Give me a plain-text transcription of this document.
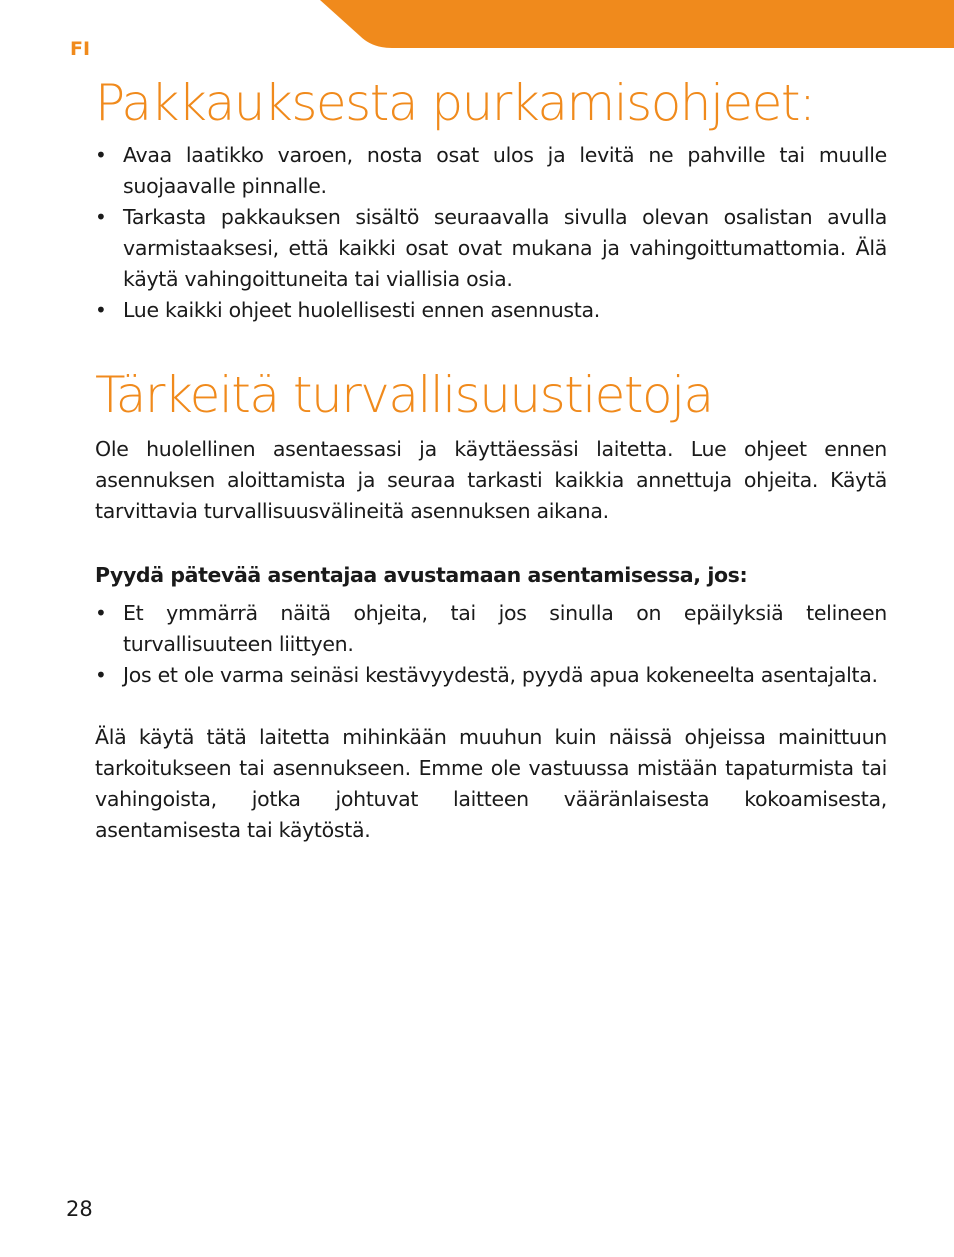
FI
Pakkauksesta purkamisohjeet:
• Avaa laatikko varoen, nosta osat ulos ja levitä ne pahville tai muulle suojaavalle pinnalle.
• Tarkasta pakkauksen sisältö seuraavalla sivulla olevan osalistan avulla varmistaaksesi, että kaikki osat ovat mukana ja vahingoittumattomia. Älä käytä vahingoittuneita tai viallisia osia.
• Lue kaikki ohjeet huolellisesti ennen asennusta.
Tärkeitä turvallisuustietoja

Ole huolellinen asentaessasi ja käyttäessäsi laitetta. Lue ohjeet ennen asennuksen aloittamista ja seuraa tarkasti kaikkia annettuja ohjeita. Käytä tarvittavia turvallisuusvälineitä asennuksen aikana.

Pyydä pätevää asentajaa avustamaan asentamisessa, jos:

• Et ymmärrä näitä ohjeita, tai jos sinulla on epäilyksiä telineen turvallisuuteen liittyen.
• Jos et ole varma seinäsi kestävyydestä, pyydä apua kokeneelta asentajalta.

Älä käytä tätä laitetta mihinkään muuhun kuin näissä ohjeissa mainittuun tarkoitukseen tai asennukseen. Emme ole vastuussa mistään tapaturmista tai vahingoista, jotka johtuvat laitteen vääränlaisesta kokoamisesta, asentamisesta tai käytöstä.

28
